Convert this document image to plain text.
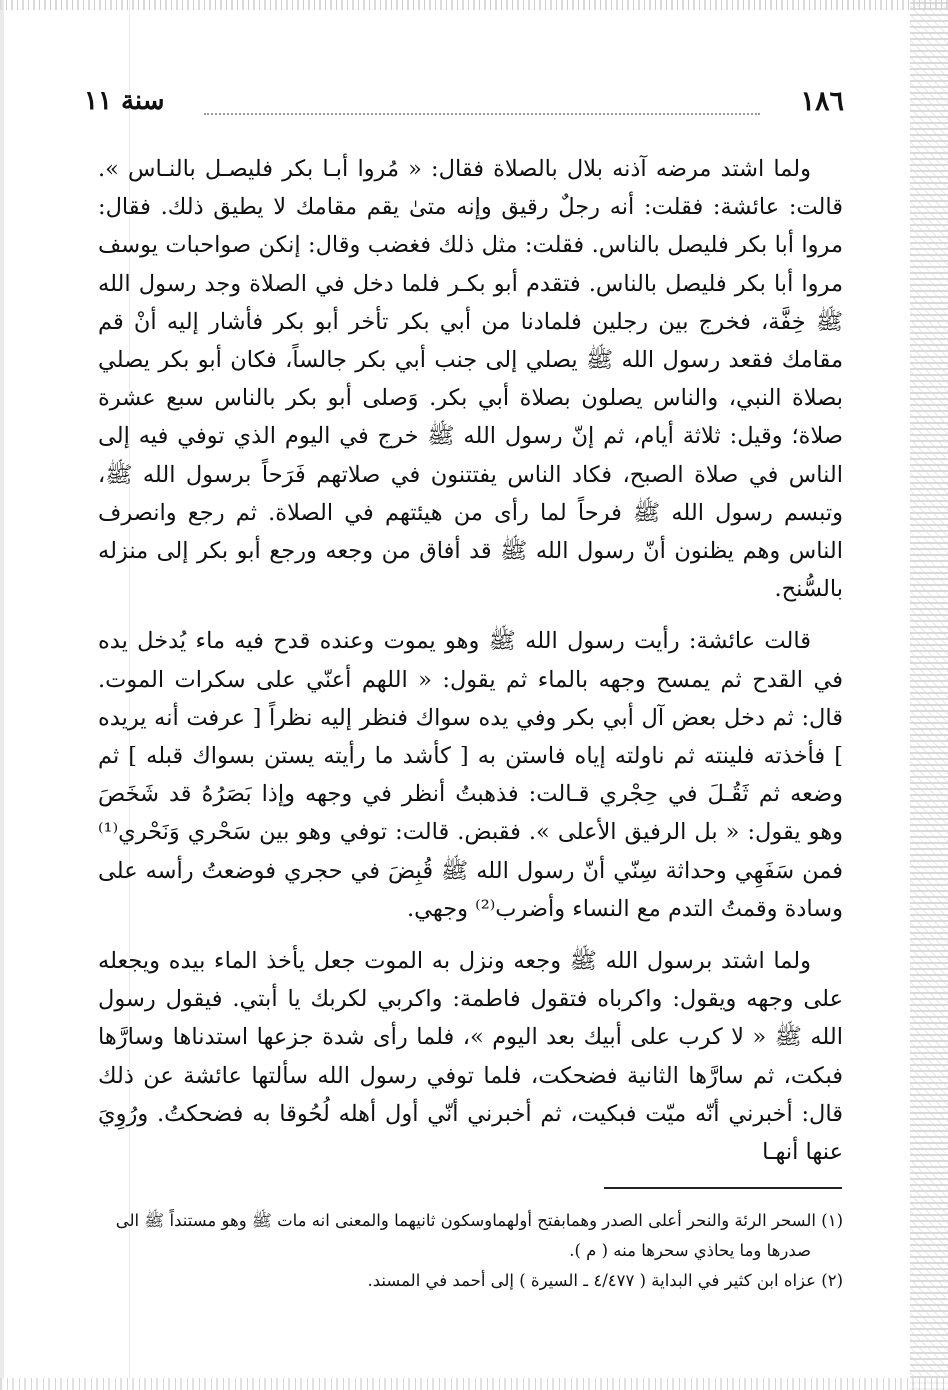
١٨٦
سنة ١١

ولما اشتد مرضه آذنه بلال بالصلاة فقال: « مُروا أبـا بكر فليصـل بالنـاس ». قالت: عائشة: فقلت: أنه رجلٌ رقيق وإنه متىٰ يقم مقامك لا يطيق ذلك. فقال: مروا أبا بكر فليصل بالناس. فقلت: مثل ذلك فغضب وقال: إنكن صواحبات يوسف مروا أبا بكر فليصل بالناس. فتقدم أبو بكـر فلما دخل في الصلاة وجد رسول الله ﷺ خِفَّة، فخرج بين رجلين فلمادنا من أبي بكر تأخر أبو بكر فأشار إليه أنْ قم مقامك فقعد رسول الله ﷺ يصلي إلى جنب أبي بكر جالساً، فكان أبو بكر يصلي بصلاة النبي، والناس يصلون بصلاة أبي بكر. وَصلى أبو بكر بالناس سبع عشرة صلاة؛ وقيل: ثلاثة أيام، ثم إنّ رسول الله ﷺ خرج في اليوم الذي توفي فيه إلى الناس في صلاة الصبح، فكاد الناس يفتتنون في صلاتهم فَرَحاً برسول الله ﷺ، وتبسم رسول الله ﷺ فرحاً لما رأى من هيئتهم في الصلاة. ثم رجع وانصرف الناس وهم يظنون أنّ رسول الله ﷺ قد أفاق من وجعه ورجع أبو بكر إلى منزله بالسُّنح.

قالت عائشة: رأيت رسول الله ﷺ وهو يموت وعنده قدح فيه ماء يُدخل يده في القدح ثم يمسح وجهه بالماء ثم يقول: « اللهم أعنّي على سكرات الموت. قال: ثم دخل بعض آل أبي بكر وفي يده سواك فنظر إليه نظراً [ عرفت أنه يريده ] فأخذته فلينته ثم ناولته إياه فاستن به [ كأشد ما رأيته يستن بسواك قبله ] ثم وضعه ثم ثَقُـلَ في حِجْري قـالت: فذهبتُ أنظر في وجهه وإذا بَصَرُهُ قد شَخَصَ وهو يقول: « بل الرفيق الأعلى ». فقبض. قالت: توفي وهو بين سَحْري وَنَحْري⁽¹⁾ فمن سَفَهِي وحداثة سِنّي أنّ رسول الله ﷺ قُبِضَ في حجري فوضعتُ رأسه على وسادة وقمتُ التدم مع النساء وأضرب⁽²⁾ وجهي.

ولما اشتد برسول الله ﷺ وجعه ونزل به الموت جعل يأخذ الماء بيده ويجعله على وجهه ويقول: واكرباه فتقول فاطمة: واكربي لكربك يا أبتي. فيقول رسول الله ﷺ « لا كرب على أبيك بعد اليوم »، فلما رأى شدة جزعها استدناها وسارَّها فبكت، ثم سارَّها الثانية فضحكت، فلما توفي رسول الله سألتها عائشة عن ذلك قال: أخبرني أنّه ميّت فبكيت، ثم أخبرني أنّي أول أهله لُحُوقا به فضحكتُ. ورُوِيَ عنها أنهـا

(١) السحر الرئة والنحر أعلى الصدر وهمابفتح أولهماوسكون ثانيهما والمعنى انه مات ﷺ وهو مستنداً ﷺ الى
صدرها وما يحاذي سحرها منه ( م ).
(٢) عزاه ابن كثير في البداية ( ٤/٤٧٧ ـ السيرة ) إلى أحمد في المسند.
